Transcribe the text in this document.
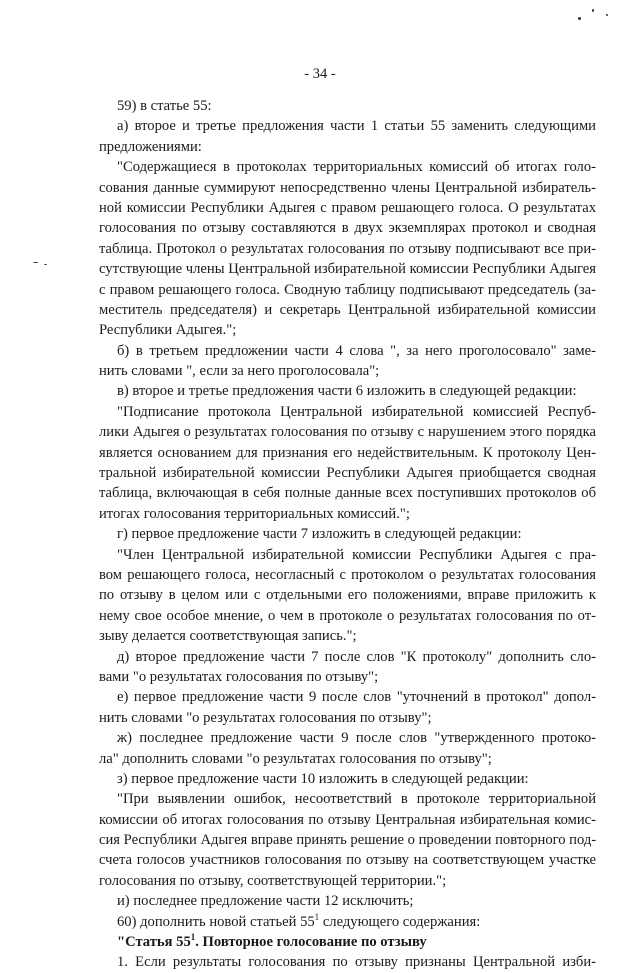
- 34 -
59) в статье 55:
а) второе и третье предложения части 1 статьи 55 заменить следующими
предложениями:
"Содержащиеся в протоколах территориальных комиссий об итогах голо-
сования данные суммируют непосредственно члены Центральной избиратель-
ной комиссии Республики Адыгея с правом решающего голоса. О результатах
голосования по отзыву составляются в двух экземплярах протокол и сводная
таблица. Протокол о результатах голосования по отзыву подписывают все при-
сутствующие члены Центральной избирательной комиссии Республики Адыгея
с правом решающего голоса. Сводную таблицу подписывают председатель (за-
меститель председателя) и секретарь Центральной избирательной комиссии
Республики Адыгея.";
б) в третьем предложении части 4 слова ", за него проголосовало" заме-
нить словами ", если за него проголосовала";
в) второе и третье предложения части 6 изложить в следующей редакции:
"Подписание протокола Центральной избирательной комиссией Респуб-
лики Адыгея о результатах голосования по отзыву с нарушением этого порядка
является основанием для признания его недействительным. К протоколу Цен-
тральной избирательной комиссии Республики Адыгея приобщается сводная
таблица, включающая в себя полные данные всех поступивших протоколов об
итогах голосования территориальных комиссий.";
г) первое предложение части 7 изложить в следующей редакции:
"Член Центральной избирательной комиссии Республики Адыгея с пра-
вом решающего голоса, несогласный с протоколом о результатах голосования
по отзыву в целом или с отдельными его положениями, вправе приложить к
нему свое особое мнение, о чем в протоколе о результатах голосования по от-
зыву делается соответствующая запись.";
д) второе предложение части 7 после слов "К протоколу" дополнить сло-
вами "о результатах голосования по отзыву";
е) первое предложение части 9 после слов "уточнений в протокол" допол-
нить словами "о результатах голосования по отзыву";
ж) последнее предложение части 9 после слов "утвержденного протоко-
ла" дополнить словами "о результатах голосования по отзыву";
з) первое предложение части 10 изложить в следующей редакции:
"При выявлении ошибок, несоответствий в протоколе территориальной
комиссии об итогах голосования по отзыву Центральная избирательная комис-
сия Республики Адыгея вправе принять решение о проведении повторного под-
счета голосов участников голосования по отзыву на соответствующем участке
голосования по отзыву, соответствующей территории.";
и) последнее предложение части 12 исключить;
60) дополнить новой статьей $55^1$ следующего содержания:
"Статья $55^1$. Повторное голосование по отзыву
1. Если результаты голосования по отзыву признаны Центральной изби-
